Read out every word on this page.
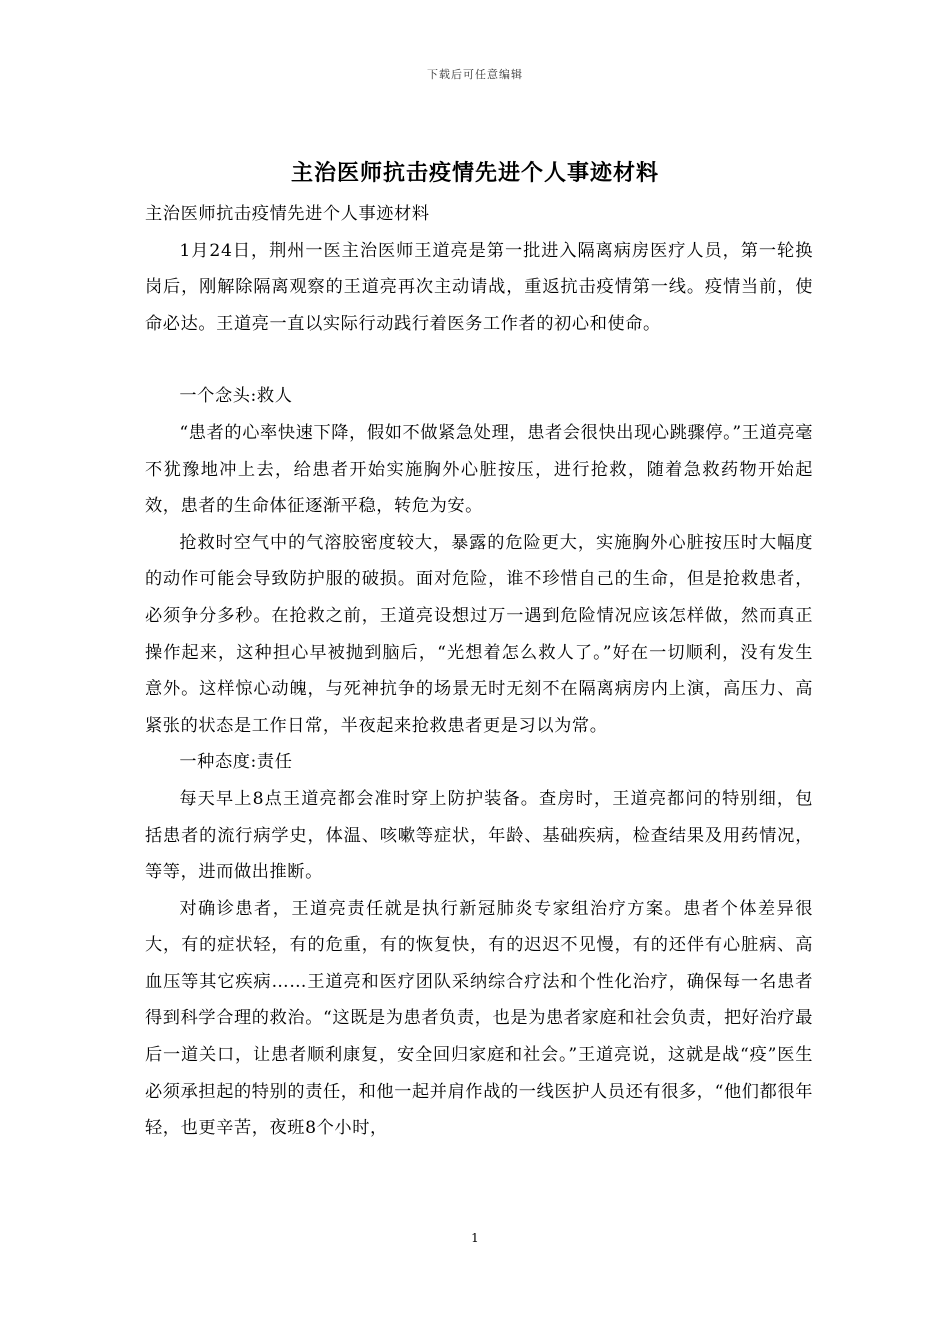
下载后可任意编辑
主治医师抗击疫情先进个人事迹材料

主治医师抗击疫情先进个人事迹材料

1月24日，荆州一医主治医师王道亮是第一批进入隔离病房医疗人员，第一轮换岗后，刚解除隔离观察的王道亮再次主动请战，重返抗击疫情第一线。疫情当前，使命必达。王道亮一直以实际行动践行着医务工作者的初心和使命。

一个念头:救人

“患者的心率快速下降，假如不做紧急处理，患者会很快出现心跳骤停。”王道亮毫不犹豫地冲上去，给患者开始实施胸外心脏按压，进行抢救，随着急救药物开始起效，患者的生命体征逐渐平稳，转危为安。

抢救时空气中的气溶胶密度较大，暴露的危险更大，实施胸外心脏按压时大幅度的动作可能会导致防护服的破损。面对危险，谁不珍惜自己的生命，但是抢救患者，必须争分多秒。在抢救之前，王道亮设想过万一遇到危险情况应该怎样做，然而真正操作起来，这种担心早被抛到脑后，“光想着怎么救人了。”好在一切顺利，没有发生意外。这样惊心动魄，与死神抗争的场景无时无刻不在隔离病房内上演，高压力、高紧张的状态是工作日常，半夜起来抢救患者更是习以为常。

一种态度:责任

每天早上8点王道亮都会准时穿上防护装备。查房时，王道亮都问的特别细，包括患者的流行病学史，体温、咳嗽等症状，年龄、基础疾病，检查结果及用药情况，等等，进而做出推断。

对确诊患者，王道亮责任就是执行新冠肺炎专家组治疗方案。患者个体差异很大，有的症状轻，有的危重，有的恢复快，有的迟迟不见慢，有的还伴有心脏病、高血压等其它疾病……王道亮和医疗团队采纳综合疗法和个性化治疗，确保每一名患者得到科学合理的救治。“这既是为患者负责，也是为患者家庭和社会负责，把好治疗最后一道关口，让患者顺利康复，安全回归家庭和社会。”王道亮说，这就是战“疫”医生必须承担起的特别的责任，和他一起并肩作战的一线医护人员还有很多，“他们都很年轻，也更辛苦，夜班8个小时，

1
